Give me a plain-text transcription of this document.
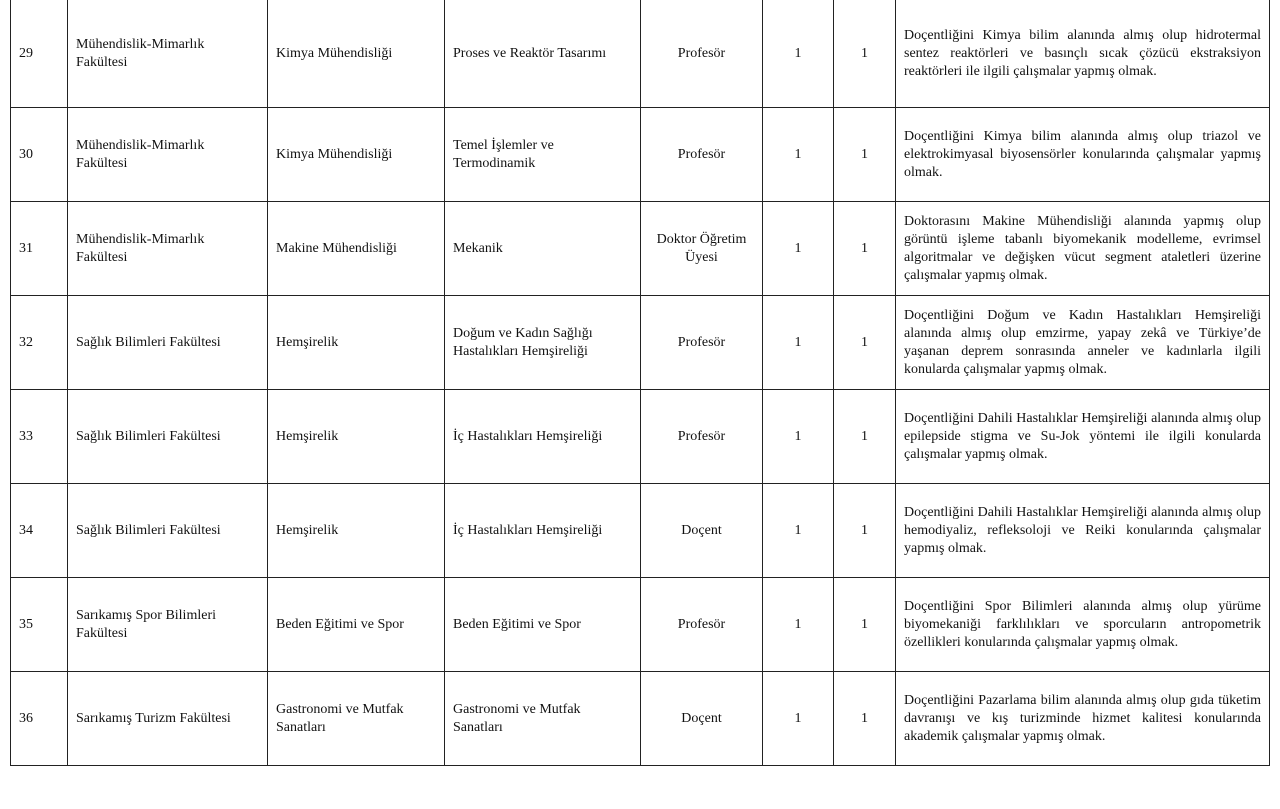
29	Mühendislik-Mimarlık Fakültesi	Kimya Mühendisliği	Proses ve Reaktör Tasarımı	Profesör	1	1	Doçentliğini Kimya bilim alanında almış olup hidrotermal sentez reaktörleri ve basınçlı sıcak çözücü ekstraksiyon reaktörleri ile ilgili çalışmalar yapmış olmak.
30	Mühendislik-Mimarlık Fakültesi	Kimya Mühendisliği	Temel İşlemler ve Termodinamik	Profesör	1	1	Doçentliğini Kimya bilim alanında almış olup triazol ve elektrokimyasal biyosensörler konularında çalışmalar yapmış olmak.
31	Mühendislik-Mimarlık Fakültesi	Makine Mühendisliği	Mekanik	Doktor Öğretim Üyesi	1	1	Doktorasını Makine Mühendisliği alanında yapmış olup görüntü işleme tabanlı biyomekanik modelleme, evrimsel algoritmalar ve değişken vücut segment ataletleri üzerine çalışmalar yapmış olmak.
32	Sağlık Bilimleri Fakültesi	Hemşirelik	Doğum ve Kadın Sağlığı Hastalıkları Hemşireliği	Profesör	1	1	Doçentliğini Doğum ve Kadın Hastalıkları Hemşireliği alanında almış olup emzirme, yapay zekâ ve Türkiye’de yaşanan deprem sonrasında anneler ve kadınlarla ilgili konularda çalışmalar yapmış olmak.
33	Sağlık Bilimleri Fakültesi	Hemşirelik	İç Hastalıkları Hemşireliği	Profesör	1	1	Doçentliğini Dahili Hastalıklar Hemşireliği alanında almış olup epilepside stigma ve Su-Jok yöntemi ile ilgili konularda çalışmalar yapmış olmak.
34	Sağlık Bilimleri Fakültesi	Hemşirelik	İç Hastalıkları Hemşireliği	Doçent	1	1	Doçentliğini Dahili Hastalıklar Hemşireliği alanında almış olup hemodiyaliz, refleksoloji ve Reiki konularında çalışmalar yapmış olmak.
35	Sarıkamış Spor Bilimleri Fakültesi	Beden Eğitimi ve Spor	Beden Eğitimi ve Spor	Profesör	1	1	Doçentliğini Spor Bilimleri alanında almış olup yürüme biyomekaniği farklılıkları ve sporcuların antropometrik özellikleri konularında çalışmalar yapmış olmak.
36	Sarıkamış Turizm Fakültesi	Gastronomi ve Mutfak Sanatları	Gastronomi ve Mutfak Sanatları	Doçent	1	1	Doçentliğini Pazarlama bilim alanında almış olup gıda tüketim davranışı ve kış turizminde hizmet kalitesi konularında akademik çalışmalar yapmış olmak.
